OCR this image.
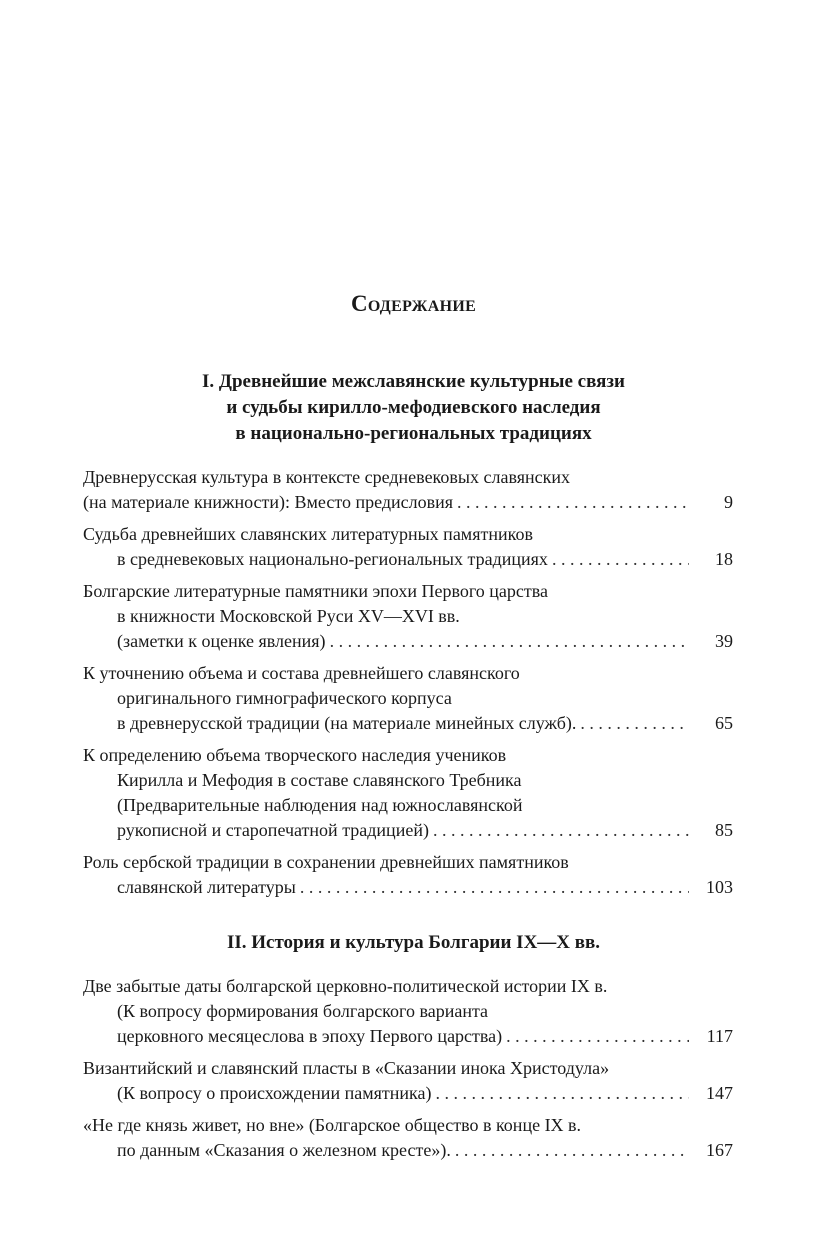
Содержание
I. Древнейшие межславянские культурные связи
и судьбы кирилло-мефодиевского наследия
в национально-региональных традициях
Древнерусская культура в контексте средневековых славянских
(на материале книжности): Вместо предисловия . . .	9
Судьба древнейших славянских литературных памятников
в средневековых национально-региональных традициях . . .	18
Болгарские литературные памятники эпохи Первого царства
в книжности Московской Руси XV—XVI вв.
(заметки к оценке явления) . . .	39
К уточнению объема и состава древнейшего славянского
оригинального гимнографического корпуса
в древнерусской традиции (на материале минейных служб). . . .	65
К определению объема творческого наследия учеников
Кирилла и Мефодия в составе славянского Требника
(Предварительные наблюдения над южнославянской
рукописной и старопечатной традицией) . . .	85
Роль сербской традиции в сохранении древнейших памятников
славянской литературы . . .	103
II. История и культура Болгарии IX—X вв.
Две забытые даты болгарской церковно-политической истории IX в.
(К вопросу формирования болгарского варианта
церковного месяцеслова в эпоху Первого царства) . . .	117
Византийский и славянский пласты в «Сказании инока Христодула»
(К вопросу о происхождении памятника) . . .	147
«Не где князь живет, но вне» (Болгарское общество в конце IX в.
по данным «Сказания о железном кресте»). . . .	167
